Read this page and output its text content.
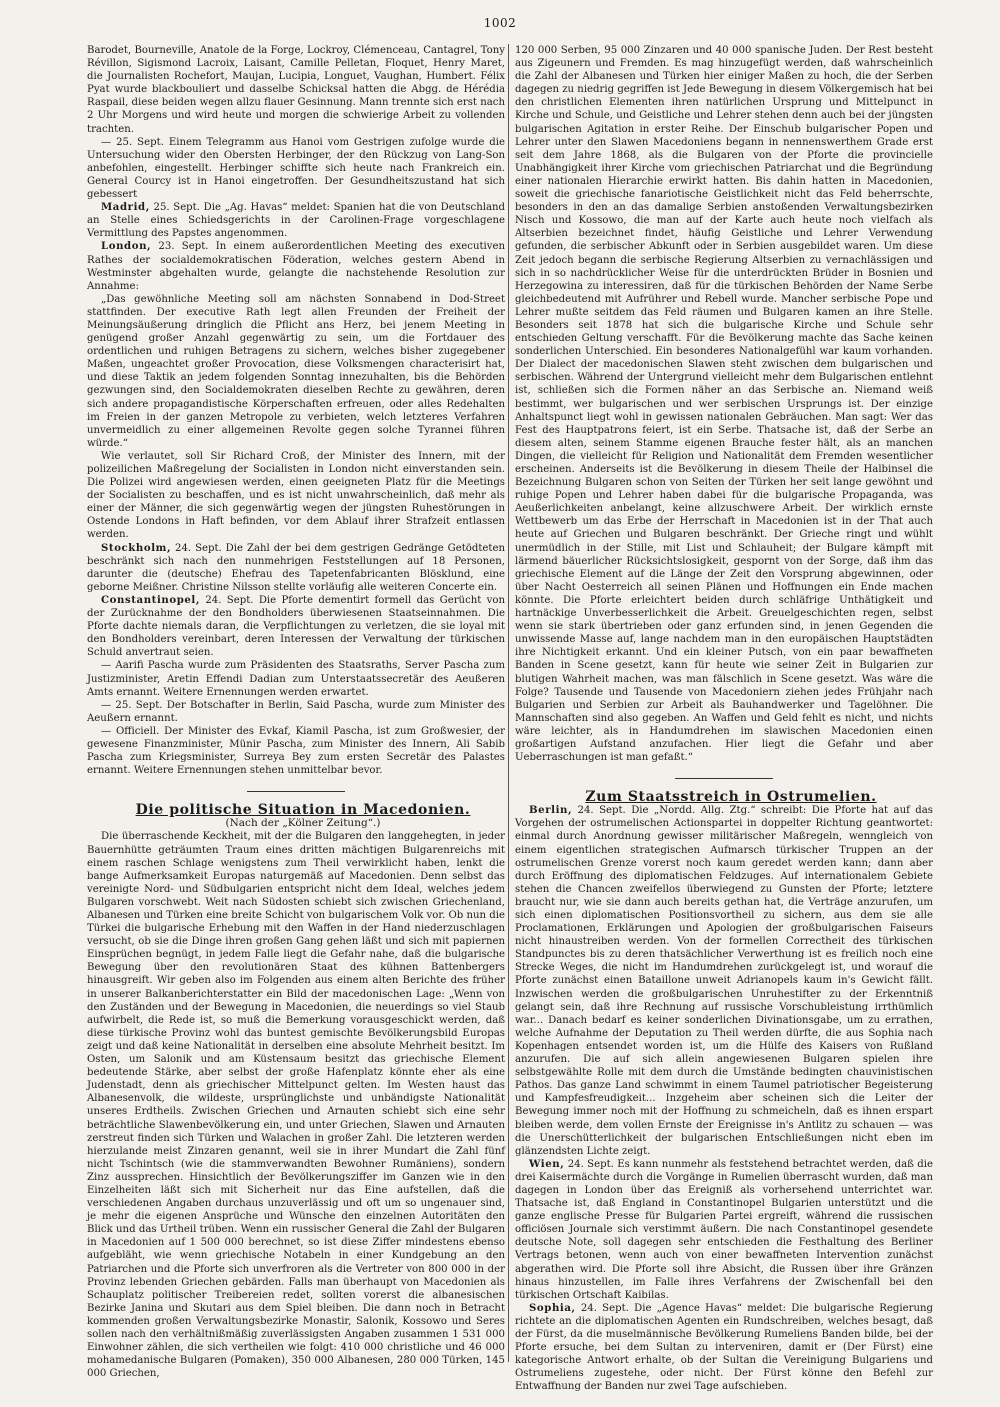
1002

Barodet, Bourneville, Anatole de la Forge, Lockroy, Clémenceau, Cantagrel, Tony Révillon, Sigismond Lacroix, Laisant, Camille Pelletan, Floquet, Henry Maret, die Journalisten Rochefort, Maujan, Lucipia, Longuet, Vaughan, Humbert. Félix Pyat wurde blackbouliert und dasselbe Schicksal hatten die Abgg. de Hérédia Raspail, diese beiden wegen allzu flauer Gesinnung. Mann trennte sich erst nach 2 Uhr Morgens und wird heute und morgen die schwierige Arbeit zu vollenden trachten.

— 25. Sept. Einem Telegramm aus Hanoi vom Gestrigen zufolge wurde die Untersuchung wider den Obersten Herbinger, der den Rückzug von Lang-Son anbefohlen, eingestellt. Herbinger schiffte sich heute nach Frankreich ein. General Courcy ist in Hanoi eingetroffen. Der Gesundheitszustand hat sich gebessert

Madrid, 25. Sept. Die „Ag. Havas“ meldet: Spanien hat die von Deutschland an Stelle eines Schiedsgerichts in der Carolinen-Frage vorgeschlagene Vermittlung des Papstes angenommen.

London, 23. Sept. In einem außerordentlichen Meeting des executiven Rathes der socialdemokratischen Föderation, welches gestern Abend in Westminster abgehalten wurde, gelangte die nachstehende Resolution zur Annahme:

„Das gewöhnliche Meeting soll am nächsten Sonnabend in Dod-Street stattfinden. Der executive Rath legt allen Freunden der Freiheit der Meinungsäußerung dringlich die Pflicht ans Herz, bei jenem Meeting in genügend großer Anzahl gegenwärtig zu sein, um die Fortdauer des ordentlichen und ruhigen Betragens zu sichern, welches bisher zugegebener Maßen, ungeachtet großer Provocation, diese Volksmengen characterisirt hat, und diese Taktik an jedem folgenden Sonntag innezuhalten, bis die Behörden gezwungen sind, den Socialdemokraten dieselben Rechte zu gewähren, deren sich andere propagandistische Körperschaften erfreuen, oder alles Redehalten im Freien in der ganzen Metropole zu verbieten, welch letzteres Verfahren unvermeidlich zu einer allgemeinen Revolte gegen solche Tyrannei führen würde.“

Wie verlautet, soll Sir Richard Croß, der Minister des Innern, mit der polizeilichen Maßregelung der Socialisten in London nicht einverstanden sein. Die Polizei wird angewiesen werden, einen geeigneten Platz für die Meetings der Socialisten zu beschaffen, und es ist nicht unwahrscheinlich, daß mehr als einer der Männer, die sich gegenwärtig wegen der jüngsten Ruhestörungen in Ostende Londons in Haft befinden, vor dem Ablauf ihrer Strafzeit entlassen werden.

Stockholm, 24. Sept. Die Zahl der bei dem gestrigen Gedränge Getödteten beschränkt sich nach den nunmehrigen Feststellungen auf 18 Personen, darunter die (deutsche) Ehefrau des Tapetenfabricanten Blösklund, eine geborne Meißner. Christine Nilsson stellte vorläufig alle weiteren Concerte ein.

Constantinopel, 24. Sept. Die Pforte dementirt formell das Gerücht von der Zurücknahme der den Bondholders überwiesenen Staatseinnahmen. Die Pforte dachte niemals daran, die Verpflichtungen zu verletzen, die sie loyal mit den Bondholders vereinbart, deren Interessen der Verwaltung der türkischen Schuld anvertraut seien.

— Aarifi Pascha wurde zum Präsidenten des Staatsraths, Server Pascha zum Justizminister, Aretin Effendi Dadian zum Unterstaatssecretär des Aeußeren Amts ernannt. Weitere Ernennungen werden erwartet.

— 25. Sept. Der Botschafter in Berlin, Said Pascha, wurde zum Minister des Aeußern ernannt.

— Officiell. Der Minister des Evkaf, Kiamil Pascha, ist zum Großwesier, der gewesene Finanzminister, Münir Pascha, zum Minister des Innern, Ali Sabib Pascha zum Kriegsminister, Surreya Bey zum ersten Secretär des Palastes ernannt. Weitere Ernennungen stehen unmittelbar bevor.

Die politische Situation in Macedonien.

(Nach der „Kölner Zeitung“.)

Die überraschende Keckheit, mit der die Bulgaren den langgehegten, in jeder Bauernhütte geträumten Traum eines dritten mächtigen Bulgarenreichs mit einem raschen Schlage wenigstens zum Theil verwirklicht haben, lenkt die bange Aufmerksamkeit Europas naturgemäß auf Macedonien. Denn selbst das vereinigte Nord- und Südbulgarien entspricht nicht dem Ideal, welches jedem Bulgaren vorschwebt. Weit nach Südosten schiebt sich zwischen Griechenland, Albanesen und Türken eine breite Schicht von bulgarischem Volk vor. Ob nun die Türkei die bulgarische Erhebung mit den Waffen in der Hand niederzuschlagen versucht, ob sie die Dinge ihren großen Gang gehen läßt und sich mit papiernen Einsprüchen begnügt, in jedem Falle liegt die Gefahr nahe, daß die bulgarische Bewegung über den revolutionären Staat des kühnen Battenbergers hinausgreift. Wir geben also im Folgenden aus einem alten Berichte des früher in unserer Balkanberichterstatter ein Bild der macedonischen Lage: „Wenn von den Zuständen und der Bewegung in Macedonien, die neuerdings so viel Staub aufwirbelt, die Rede ist, so muß die Bemerkung vorausgeschickt werden, daß diese türkische Provinz wohl das buntest gemischte Bevölkerungsbild Europas zeigt und daß keine Nationalität in derselben eine absolute Mehrheit besitzt. Im Osten, um Salonik und am Küstensaum besitzt das griechische Element bedeutende Stärke, aber selbst der große Hafenplatz könnte eher als eine Judenstadt, denn als griechischer Mittelpunct gelten. Im Westen haust das Albanesenvolk, die wildeste, ursprünglichste und unbändigste Nationalität unseres Erdtheils. Zwischen Griechen und Arnauten schiebt sich eine sehr beträchtliche Slawenbevölkerung ein, und unter Griechen, Slawen und Arnauten zerstreut finden sich Türken und Walachen in großer Zahl. Die letzteren werden hierzulande meist Zinzaren genannt, weil sie in ihrer Mundart die Zahl fünf nicht Tschintsch (wie die stammverwandten Bewohner Rumäniens), sondern Zinz aussprechen. Hinsichtlich der Bevölkerungsziffer im Ganzen wie in den Einzelheiten läßt sich mit Sicherheit nur das Eine aufstellen, daß die verschiedenen Angaben durchaus unzuverlässig und oft um so ungenauer sind, je mehr die eigenen Ansprüche und Wünsche den einzelnen Autoritäten den Blick und das Urtheil trüben. Wenn ein russischer General die Zahl der Bulgaren in Macedonien auf 1 500 000 berechnet, so ist diese Ziffer mindestens ebenso aufgebläht, wie wenn griechische Notabeln in einer Kundgebung an den Patriarchen und die Pforte sich unverfroren als die Vertreter von 800 000 in der Provinz lebenden Griechen gebärden. Falls man überhaupt von Macedonien als Schauplatz politischer Treibereien redet, sollten vorerst die albanesischen Bezirke Janina und Skutari aus dem Spiel bleiben. Die dann noch in Betracht kommenden großen Verwaltungsbezirke Monastir, Salonik, Kossowo und Seres sollen nach den verhältnißmäßig zuverlässigsten Angaben zusammen 1 531 000 Einwohner zählen, die sich vertheilen wie folgt: 410 000 christliche und 46 000 mohamedanische Bulgaren (Pomaken), 350 000 Albanesen, 280 000 Türken, 145 000 Griechen,

120 000 Serben, 95 000 Zinzaren und 40 000 spanische Juden. Der Rest besteht aus Zigeunern und Fremden. Es mag hinzugefügt werden, daß wahrscheinlich die Zahl der Albanesen und Türken hier einiger Maßen zu hoch, die der Serben dagegen zu niedrig gegriffen ist Jede Bewegung in diesem Völkergemisch hat bei den christlichen Elementen ihren natürlichen Ursprung und Mittelpunct in Kirche und Schule, und Geistliche und Lehrer stehen denn auch bei der jüngsten bulgarischen Agitation in erster Reihe. Der Einschub bulgarischer Popen und Lehrer unter den Slawen Macedoniens begann in nennenswerthem Grade erst seit dem Jahre 1868, als die Bulgaren von der Pforte die provincielle Unabhängigkeit ihrer Kirche vom griechischen Patriarchat und die Begründung einer nationalen Hierarchie erwirkt hatten. Bis dahin hatten in Macedonien, soweit die griechische fanariotische Geistlichkeit nicht das Feld beherrschte, besonders in den an das damalige Serbien anstoßenden Verwaltungsbezirken Nisch und Kossowo, die man auf der Karte auch heute noch vielfach als Altserbien bezeichnet findet, häufig Geistliche und Lehrer Verwendung gefunden, die serbischer Abkunft oder in Serbien ausgebildet waren. Um diese Zeit jedoch begann die serbische Regierung Altserbien zu vernachlässigen und sich in so nachdrücklicher Weise für die unterdrückten Brüder in Bosnien und Herzegowina zu interessiren, daß für die türkischen Behörden der Name Serbe gleichbedeutend mit Aufrührer und Rebell wurde. Mancher serbische Pope und Lehrer mußte seitdem das Feld räumen und Bulgaren kamen an ihre Stelle. Besonders seit 1878 hat sich die bulgarische Kirche und Schule sehr entschieden Geltung verschafft. Für die Bevölkerung machte das Sache keinen sonderlichen Unterschied. Ein besonderes Nationalgefühl war kaum vorhanden. Der Dialect der macedonischen Slawen steht zwischen dem bulgarischen und serbischen. Während der Untergrund vielleicht mehr dem Bulgarischen entlehnt ist, schließen sich die Formen näher an das Serbische an. Niemand weiß bestimmt, wer bulgarischen und wer serbischen Ursprungs ist. Der einzige Anhaltspunct liegt wohl in gewissen nationalen Gebräuchen. Man sagt: Wer das Fest des Hauptpatrons feiert, ist ein Serbe. Thatsache ist, daß der Serbe an diesem alten, seinem Stamme eigenen Brauche fester hält, als an manchen Dingen, die vielleicht für Religion und Nationalität dem Fremden wesentlicher erscheinen. Anderseits ist die Bevölkerung in diesem Theile der Halbinsel die Bezeichnung Bulgaren schon von Seiten der Türken her seit lange gewöhnt und ruhige Popen und Lehrer haben dabei für die bulgarische Propaganda, was Aeußerlichkeiten anbelangt, keine allzuschwere Arbeit. Der wirklich ernste Wettbewerb um das Erbe der Herrschaft in Macedonien ist in der That auch heute auf Griechen und Bulgaren beschränkt. Der Grieche ringt und wühlt unermüdlich in der Stille, mit List und Schlauheit; der Bulgare kämpft mit lärmend bäuerlicher Rücksichtslosigkeit, gespornt von der Sorge, daß ihm das griechische Element auf die Länge der Zeit den Vorsprung abgewinnen, oder über Nacht Oesterreich all seinen Plänen und Hoffnungen ein Ende machen könnte. Die Pforte erleichtert beiden durch schläfrige Unthätigkeit und hartnäckige Unverbesserlichkeit die Arbeit. Greuelgeschichten regen, selbst wenn sie stark übertrieben oder ganz erfunden sind, in jenen Gegenden die unwissende Masse auf, lange nachdem man in den europäischen Hauptstädten ihre Nichtigkeit erkannt. Und ein kleiner Putsch, von ein paar bewaffneten Banden in Scene gesetzt, kann für heute wie seiner Zeit in Bulgarien zur blutigen Wahrheit machen, was man fälschlich in Scene gesetzt. Was wäre die Folge? Tausende und Tausende von Macedoniern ziehen jedes Frühjahr nach Bulgarien und Serbien zur Arbeit als Bauhandwerker und Tagelöhner. Die Mannschaften sind also gegeben. An Waffen und Geld fehlt es nicht, und nichts wäre leichter, als in Handumdrehen im slawischen Macedonien einen großartigen Aufstand anzufachen. Hier liegt die Gefahr und aber Ueberraschungen ist man gefaßt.“

Zum Staatsstreich in Ostrumelien.

Berlin, 24. Sept. Die „Nordd. Allg. Ztg.“ schreibt: Die Pforte hat auf das Vorgehen der ostrumelischen Actionspartei in doppelter Richtung geantwortet: einmal durch Anordnung gewisser militärischer Maßregeln, wenngleich von einem eigentlichen strategischen Aufmarsch türkischer Truppen an der ostrumelischen Grenze vorerst noch kaum geredet werden kann; dann aber durch Eröffnung des diplomatischen Feldzuges. Auf internationalem Gebiete stehen die Chancen zweifellos überwiegend zu Gunsten der Pforte; letztere braucht nur, wie sie dann auch bereits gethan hat, die Verträge anzurufen, um sich einen diplomatischen Positionsvortheil zu sichern, aus dem sie alle Proclamationen, Erklärungen und Apologien der großbulgarischen Faiseurs nicht hinaustreiben werden. Von der formellen Correctheit des türkischen Standpunctes bis zu deren thatsächlicher Verwerthung ist es freilich noch eine Strecke Weges, die nicht im Handumdrehen zurückgelegt ist, und worauf die Pforte zunächst einen Bataillone unweit Adrianopels kaum in's Gewicht fällt. Inzwischen werden die großbulgarischen Unruhestifter zu der Erkenntniß gelangt sein, daß ihre Rechnung auf russische Vorschubleistung irrthümlich war... Danach bedarf es keiner sonderlichen Divinationsgabe, um zu errathen, welche Aufnahme der Deputation zu Theil werden dürfte, die aus Sophia nach Kopenhagen entsendet worden ist, um die Hülfe des Kaisers von Rußland anzurufen. Die auf sich allein angewiesenen Bulgaren spielen ihre selbstgewählte Rolle mit dem durch die Umstände bedingten chauvinistischen Pathos. Das ganze Land schwimmt in einem Taumel patriotischer Begeisterung und Kampfesfreudigkeit... Inzgeheim aber scheinen sich die Leiter der Bewegung immer noch mit der Hoffnung zu schmeicheln, daß es ihnen erspart bleiben werde, dem vollen Ernste der Ereignisse in's Antlitz zu schauen — was die Unerschütterlichkeit der bulgarischen Entschließungen nicht eben im glänzendsten Lichte zeigt.

Wien, 24. Sept. Es kann nunmehr als feststehend betrachtet werden, daß die drei Kaisermächte durch die Vorgänge in Rumelien überrascht wurden, daß man dagegen in London über das Ereigniß als vorhersehend unterrichtet war. Thatsache ist, daß England in Constantinopel Bulgarien unterstützt und die ganze englische Presse für Bulgarien Partei ergreift, während die russischen officiösen Journale sich verstimmt äußern. Die nach Constantinopel gesendete deutsche Note, soll dagegen sehr entschieden die Festhaltung des Berliner Vertrags betonen, wenn auch von einer bewaffneten Intervention zunächst abgerathen wird. Die Pforte soll ihre Absicht, die Russen über ihre Gränzen hinaus hinzustellen, im Falle ihres Verfahrens der Zwischenfall bei den türkischen Ortschaft Kaibilas.

Sophia, 24. Sept. Die „Agence Havas“ meldet: Die bulgarische Regierung richtete an die diplomatischen Agenten ein Rundschreiben, welches besagt, daß der Fürst, da die muselmännische Bevölkerung Rumeliens Banden bilde, bei der Pforte ersuche, bei dem Sultan zu interveniren, damit er (Der Fürst) eine kategorische Antwort erhalte, ob der Sultan die Vereinigung Bulgariens und Ostrumeliens zugestehe, oder nicht. Der Fürst könne den Befehl zur Entwaffnung der Banden nur zwei Tage aufschieben.
